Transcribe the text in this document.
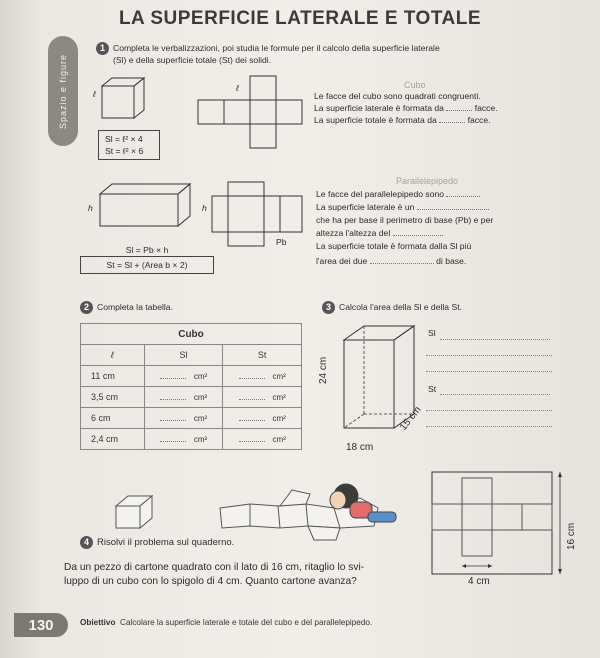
LA SUPERFICIE LATERALE E TOTALE
Spazio e figure
1 Completa le verbalizzazioni, poi studia le formule per il calcolo della superficie laterale
(Sl) e della superficie totale (St) dei solidi.
ℓ
Sl = ℓ² × 4
St = ℓ² × 6
ℓ	Cubo
Le facce del cubo sono quadrati congruenti.
La superficie laterale è formata da	facce.
La superficie totale è formata da	facce.
h
Sl = Pb × h
St = Sl + (Area b × 2)
h
Pb
Parallelepipedo
Le facce del parallelepipedo sono
La superficie laterale è un
che ha per base il perimetro di base (Pb) e per
altezza l'altezza del
La superficie totale è formata dalla Sl più
l'area dei due	di base.
2 Completa la tabella.
Cubo		
ℓ	Sl	St
11 cm	cm²	cm²
3,5 cm	cm²	cm²
6 cm	cm²	cm²
2,4 cm	cm²	cm²
3 Calcola l'area della Sl e della St.
24 cm
18 cm
15 cm
Sl
St
4 Risolvi il problema sul quaderno.
Da un pezzo di cartone quadrato con il lato di 16 cm, ritaglio lo svi-
luppo di un cubo con lo spigolo di 4 cm. Quanto cartone avanza?	4 cm
16 cm
130	Obiettivo Calcolare la superficie laterale e totale del cubo e del parallelepipedo.
